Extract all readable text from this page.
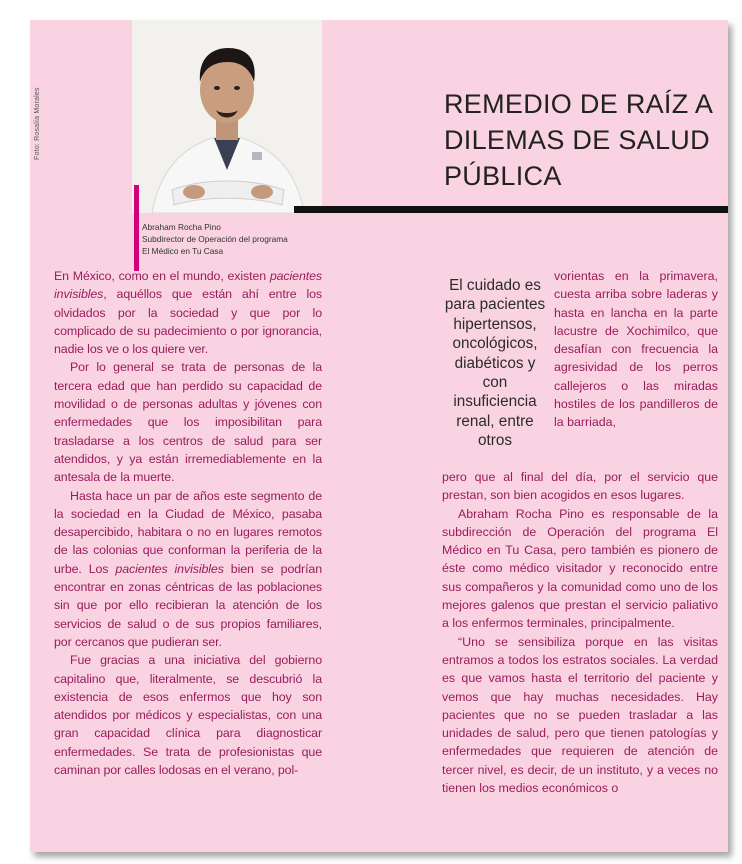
Foto: Rosalía Morales
Abraham Rocha Pino
Subdirector de Operación del programa
El Médico en Tu Casa
REMEDIO DE RAÍZ A
DILEMAS DE SALUD
PÚBLICA

En México, como en el mundo, existen pacientes invisibles, aquéllos que están ahí entre los olvidados por la sociedad y que por lo complicado de su padecimiento o por ignorancia, nadie los ve o los quiere ver.

Por lo general se trata de personas de la tercera edad que han perdido su capacidad de movilidad o de personas adultas y jóvenes con enfermedades que los imposibilitan para trasladarse a los centros de salud para ser atendidos, y ya están irremediablemente en la antesala de la muerte.

Hasta hace un par de años este segmento de la sociedad en la Ciudad de México, pasaba desapercibido, habitara o no en lugares remotos de las colonias que conforman la periferia de la urbe. Los pacientes invisibles bien se podrían encontrar en zonas céntricas de las poblaciones sin que por ello recibieran la atención de los servicios de salud o de sus propios familiares, por cercanos que pudieran ser.

Fue gracias a una iniciativa del gobierno capitalino que, literalmente, se descubrió la existencia de esos enfermos que hoy son atendidos por médicos y especialistas, con una gran capacidad clínica para diagnosticar enfermedades. Se trata de profesionistas que caminan por calles lodosas en el verano, pol-

El cuidado es para pacientes hipertensos, oncológicos, diabéticos y con insuficiencia renal, entre otros

vorientas en la primavera, cuesta arriba sobre laderas y hasta en lancha en la parte lacustre de Xochimilco, que desafían con frecuencia la agresividad de los perros callejeros o las miradas hostiles de los pandilleros de la barriada,

pero que al final del día, por el servicio que prestan, son bien acogidos en esos lugares.

Abraham Rocha Pino es responsable de la subdirección de Operación del programa El Médico en Tu Casa, pero también es pionero de éste como médico visitador y reconocido entre sus compañeros y la comunidad como uno de los mejores galenos que prestan el servicio paliativo a los enfermos terminales, principalmente.

“Uno se sensibiliza porque en las visitas entramos a todos los estratos sociales. La verdad es que vamos hasta el territorio del paciente y vemos que hay muchas necesidades. Hay pacientes que no se pueden trasladar a las unidades de salud, pero que tienen patologías y enfermedades que requieren de atención de tercer nivel, es decir, de un instituto, y a veces no tienen los medios económicos o
